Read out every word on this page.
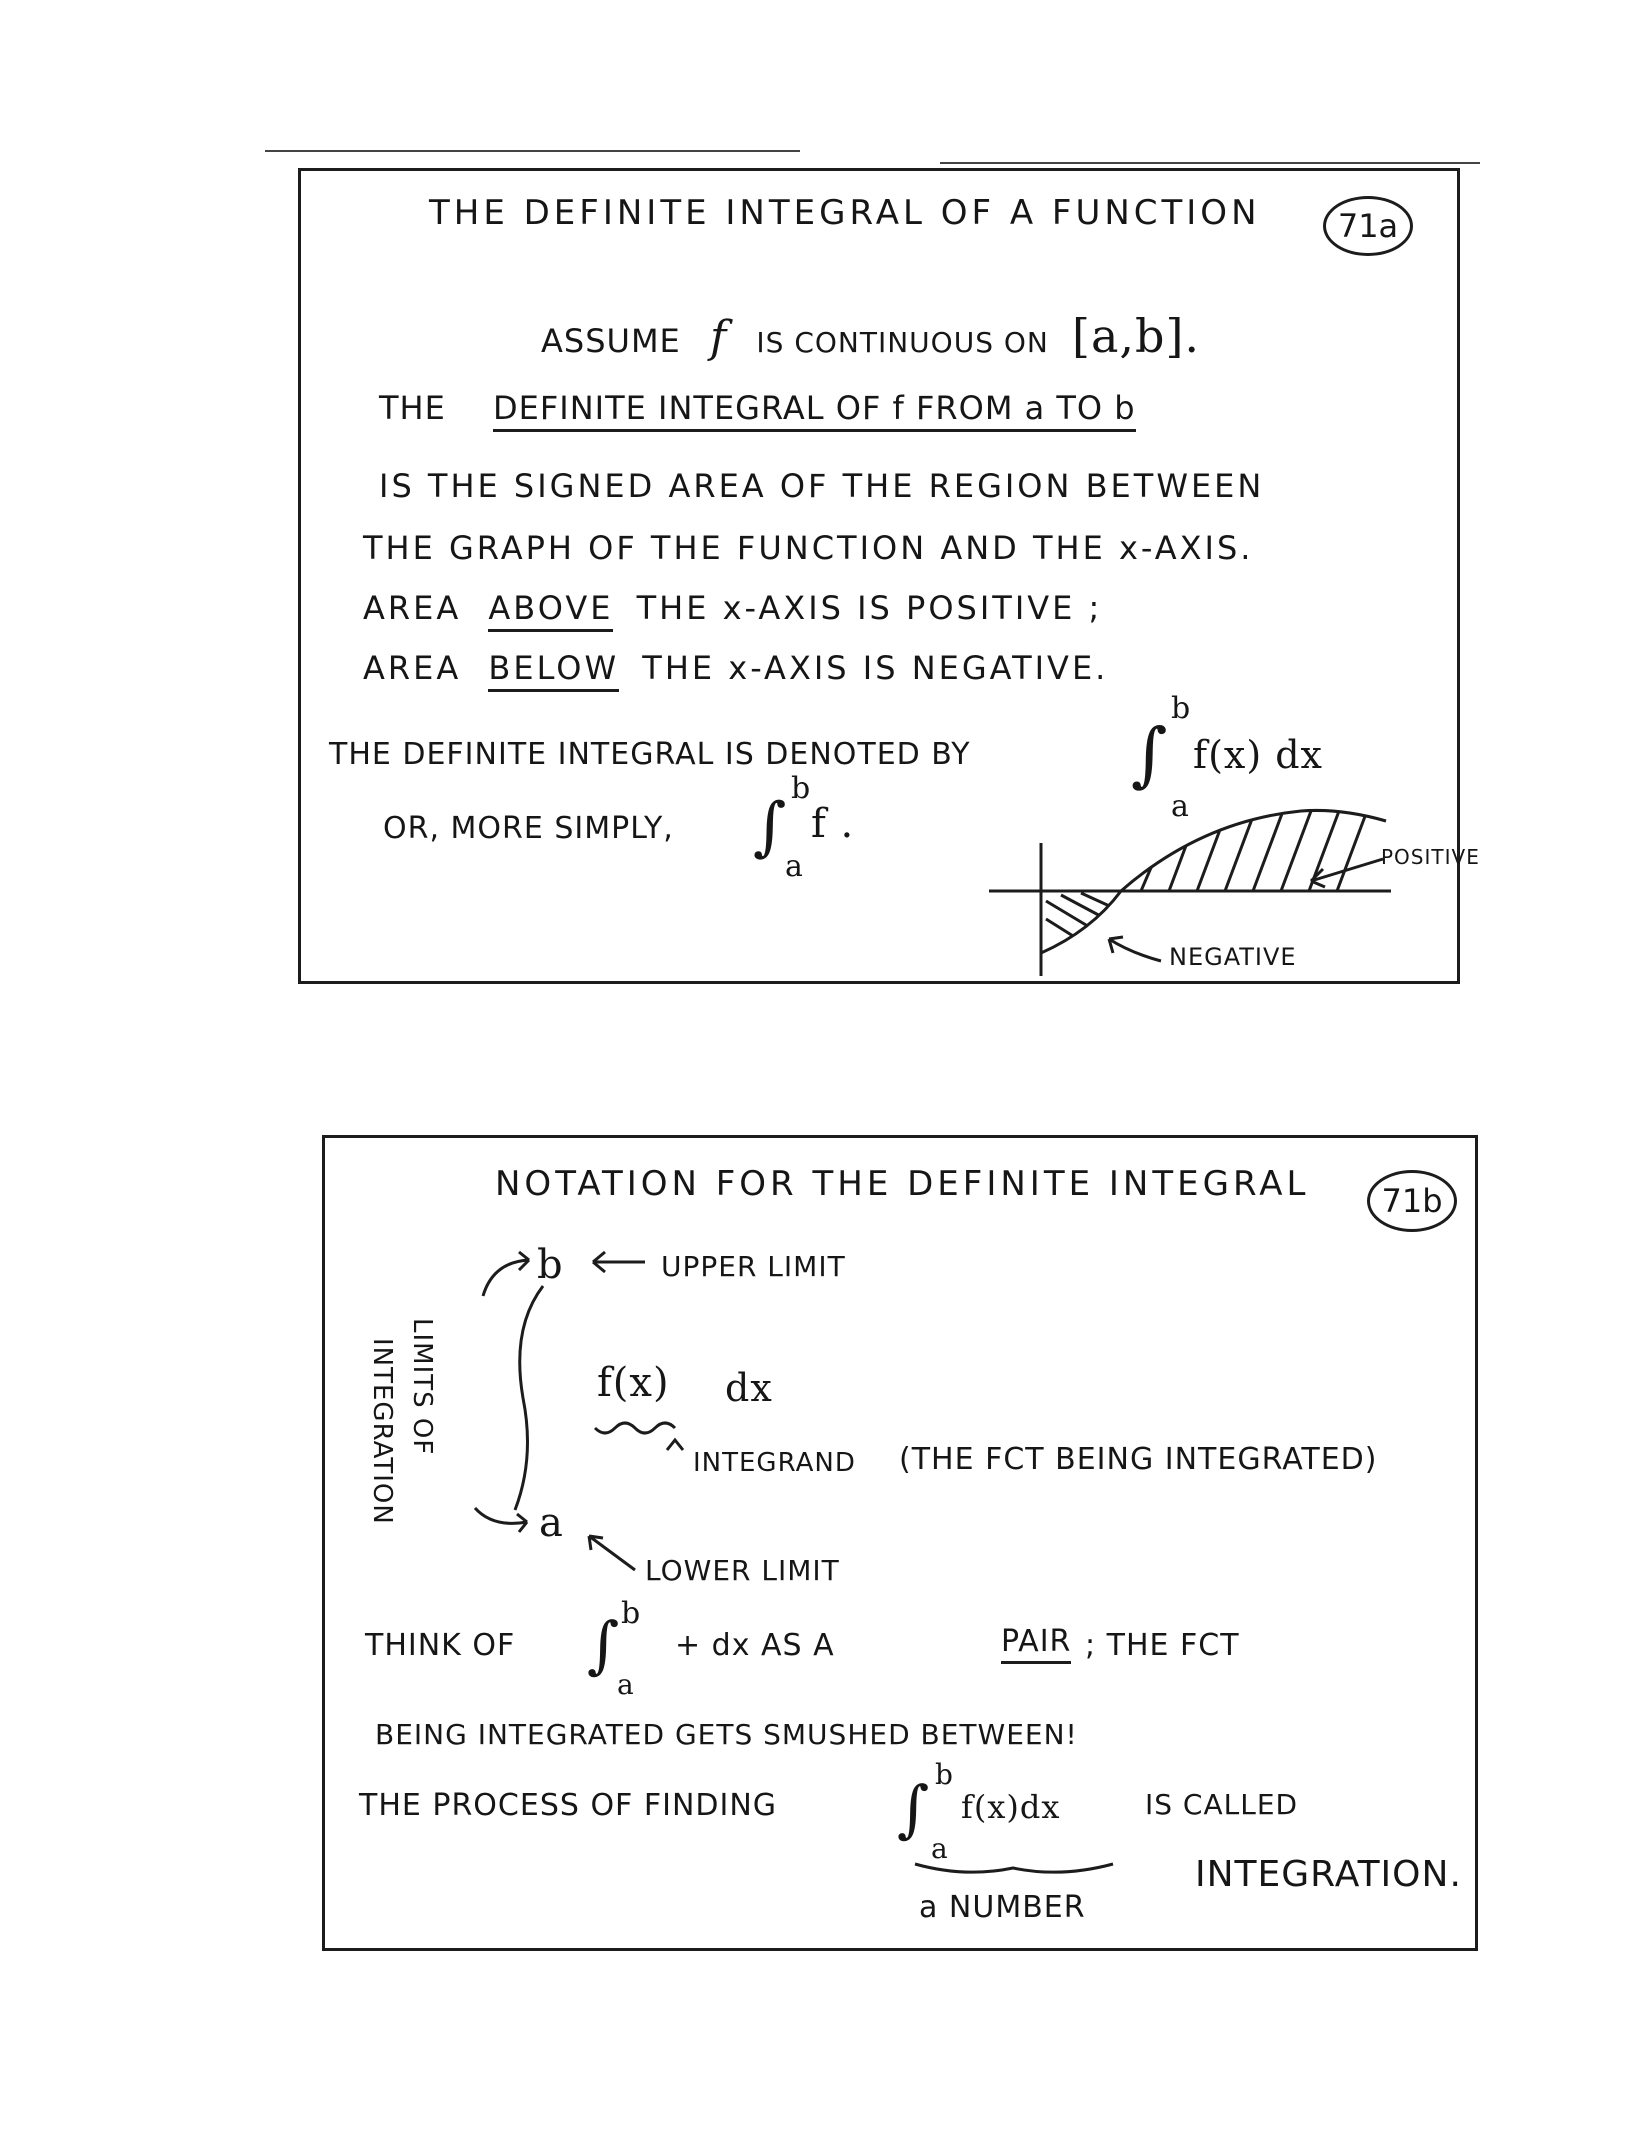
THE DEFINITE INTEGRAL OF A FUNCTION	71a
ASSUME f IS CONTINUOUS ON [a,b].
THE DEFINITE INTEGRAL OF f FROM a TO b
IS THE SIGNED AREA OF THE REGION BETWEEN
THE GRAPH OF THE FUNCTION AND THE x-AXIS.
AREA ABOVE THE x-AXIS IS POSITIVE ;
AREA BELOW THE x-AXIS IS NEGATIVE.
THE DEFINITE INTEGRAL IS DENOTED BY ∫
b
a
f(x) dx
OR, MORE SIMPLY, ∫
b
a
f .
POSITIVE
NEGATIVE
NOTATION FOR THE DEFINITE INTEGRAL	71b
b	UPPER LIMIT
LIMITS OF
INTEGRATION	f(x) dx
INTEGRAND (THE FCT BEING INTEGRATED)
a
LOWER LIMIT
THINK OF ∫ b
a
+ dx AS A	PAIR ; THE FCT
BEING INTEGRATED GETS SMUSHED BETWEEN!
THE PROCESS OF FINDING ∫ b
a
f(x)dx	IS CALLED
INTEGRATION.
a NUMBER
